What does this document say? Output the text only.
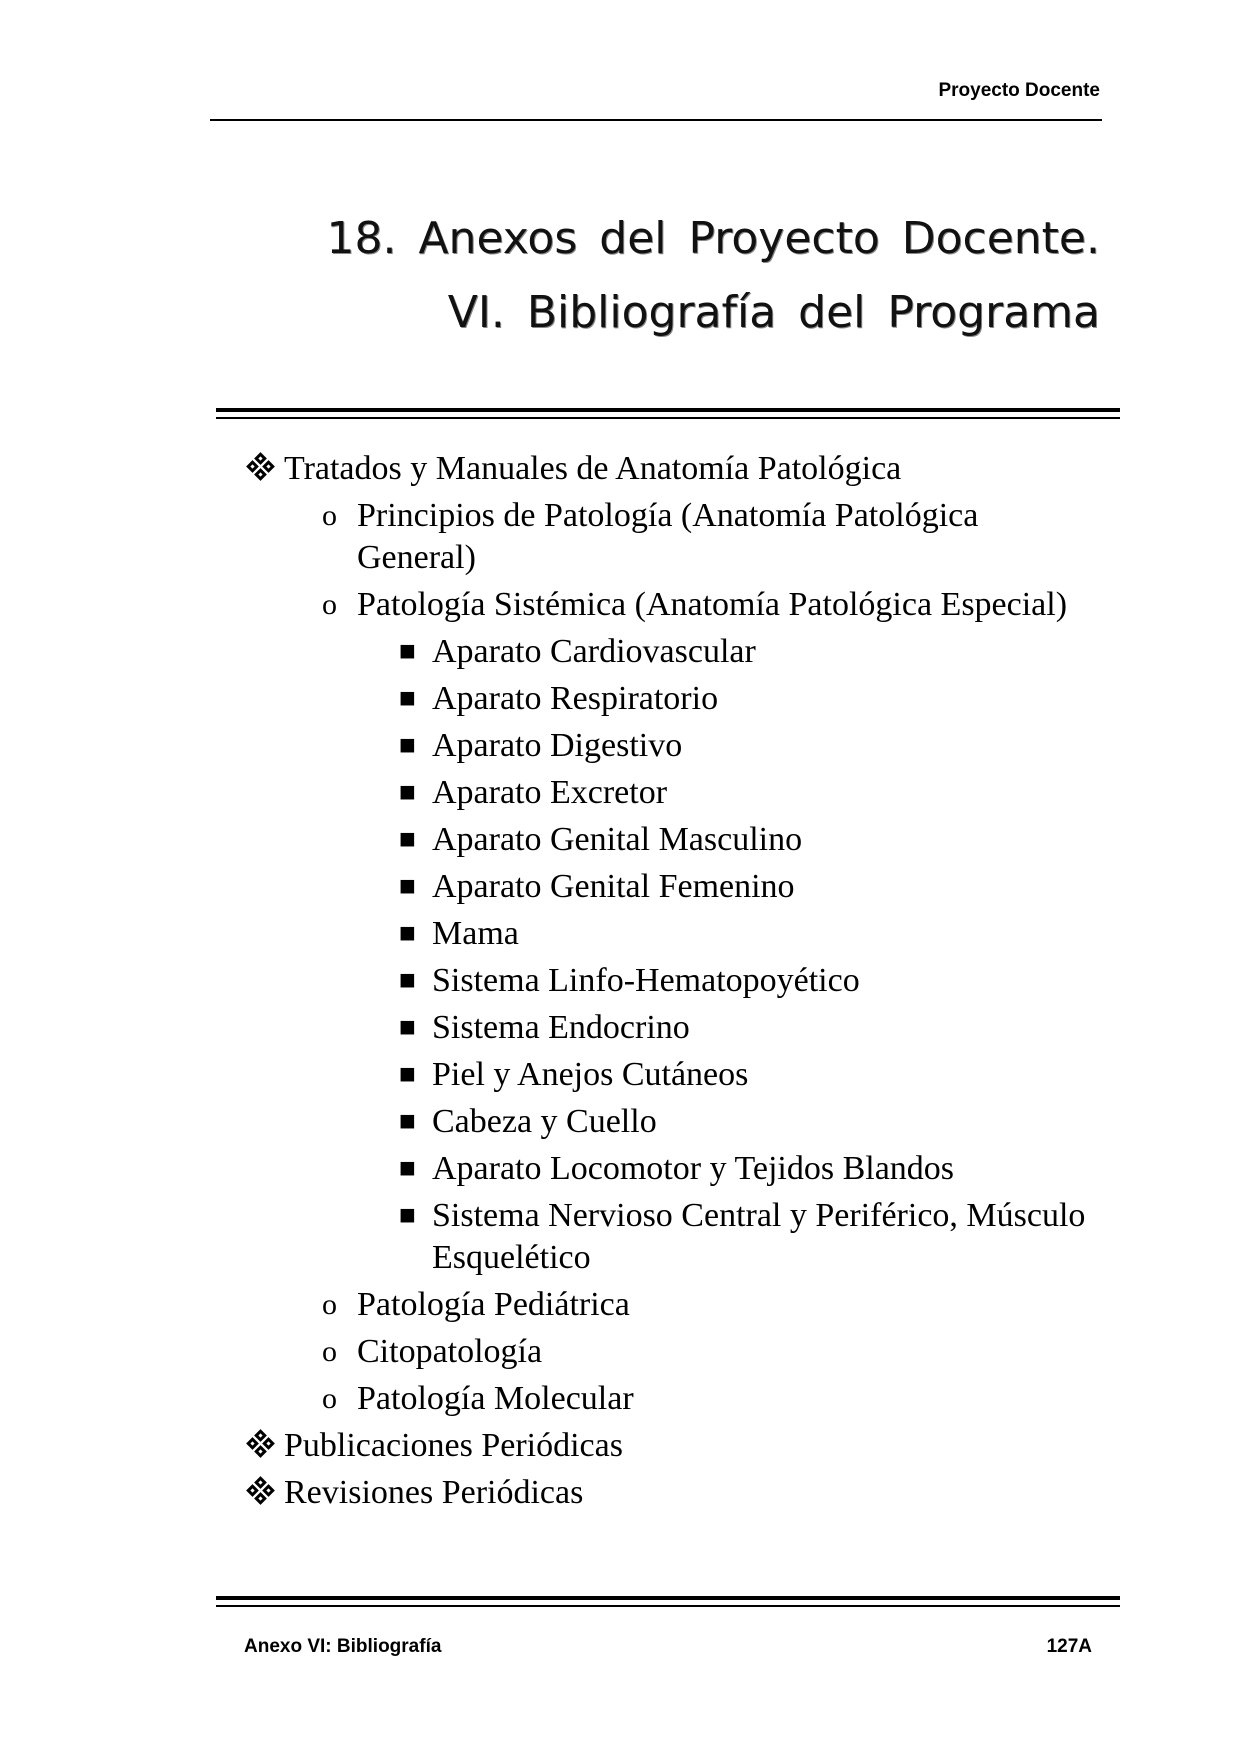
Proyecto Docente
18. Anexos del Proyecto Docente.
VI. Bibliografía del Programa
Tratados y Manuales de Anatomía Patológica
o Principios de Patología (Anatomía Patológica General)
o Patología Sistémica (Anatomía Patológica Especial)
■ Aparato Cardiovascular
■ Aparato Respiratorio
■ Aparato Digestivo
■ Aparato Excretor
■ Aparato Genital Masculino
■ Aparato Genital Femenino
■ Mama
■ Sistema Linfo-Hematopoyético
■ Sistema Endocrino
■ Piel y Anejos Cutáneos
■ Cabeza y Cuello
■ Aparato Locomotor y Tejidos Blandos
■ Sistema Nervioso Central y Periférico, Músculo Esquelético
o Patología Pediátrica
o Citopatología
o Patología Molecular
Publicaciones Periódicas
Revisiones Periódicas
Anexo VI: Bibliografía	127A
